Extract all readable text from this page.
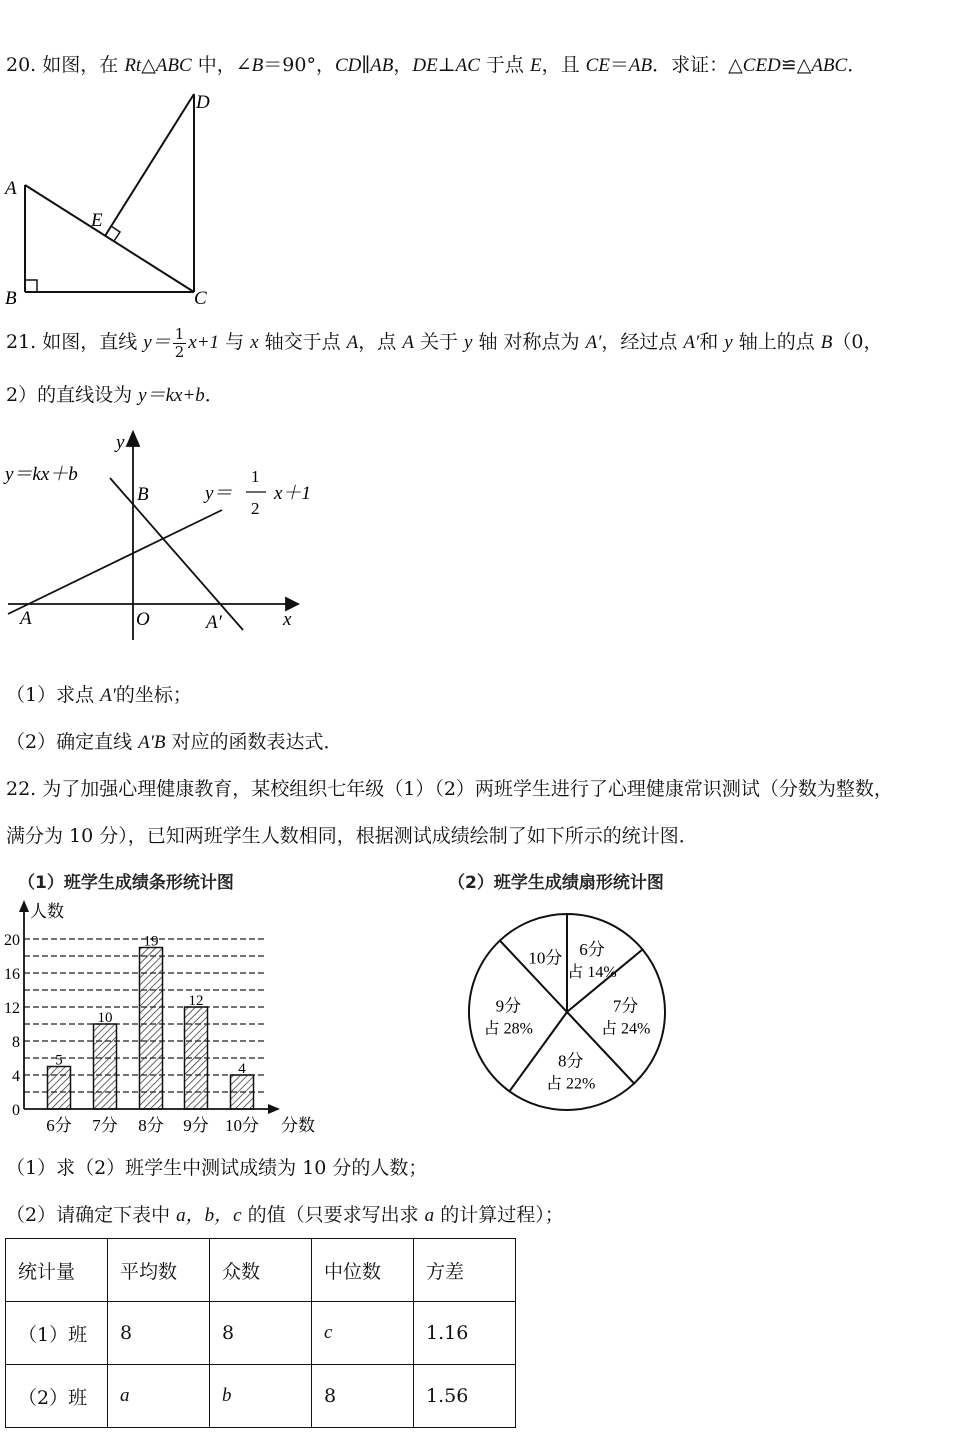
20. 如图，在 Rt△ABC 中，∠B＝90°，CD∥AB，DE⊥AC 于点 E，且 CE＝AB．求证：△CED≌△ABC．
D
A
E
B	C
21. 如图，直线 $y= \frac{1}{2} x+1$ 与 x 轴交于点 A，点 A 关于 y 轴 对称点为 A′，经过点 A′和 y 轴上的点 B（0，
2）的直线设为 y＝kx+b．
y
x
O
A	A′
B
y＝kx＋b
y＝
1
2
x＋1
（1）求点 A′的坐标；
（2）确定直线 A′B 对应的函数表达式．
22. 为了加强心理健康教育，某校组织七年级（1）（2）两班学生进行了心理健康常识测试（分数为整数，
满分为 10 分），已知两班学生人数相同，根据测试成绩绘制了如下所示的统计图．
（1）班学生成绩条形统计图	（2）班学生成绩扇形统计图
人数
分数
0
4
8
12
16
20
5
6分
10
7分
19
8分
12
9分
4
10分
6分
占 14%
7分
占 24%
8分
占 22%
9分
占 28%
10分
（1）求（2）班学生中测试成绩为 10 分的人数；
（2）请确定下表中 a，b，c 的值（只要求写出求 a 的计算过程）；
统计量	平均数	众数	中位数	方差
（1）班	8	8	c	1.16
（2）班	a	b	8	1.56
